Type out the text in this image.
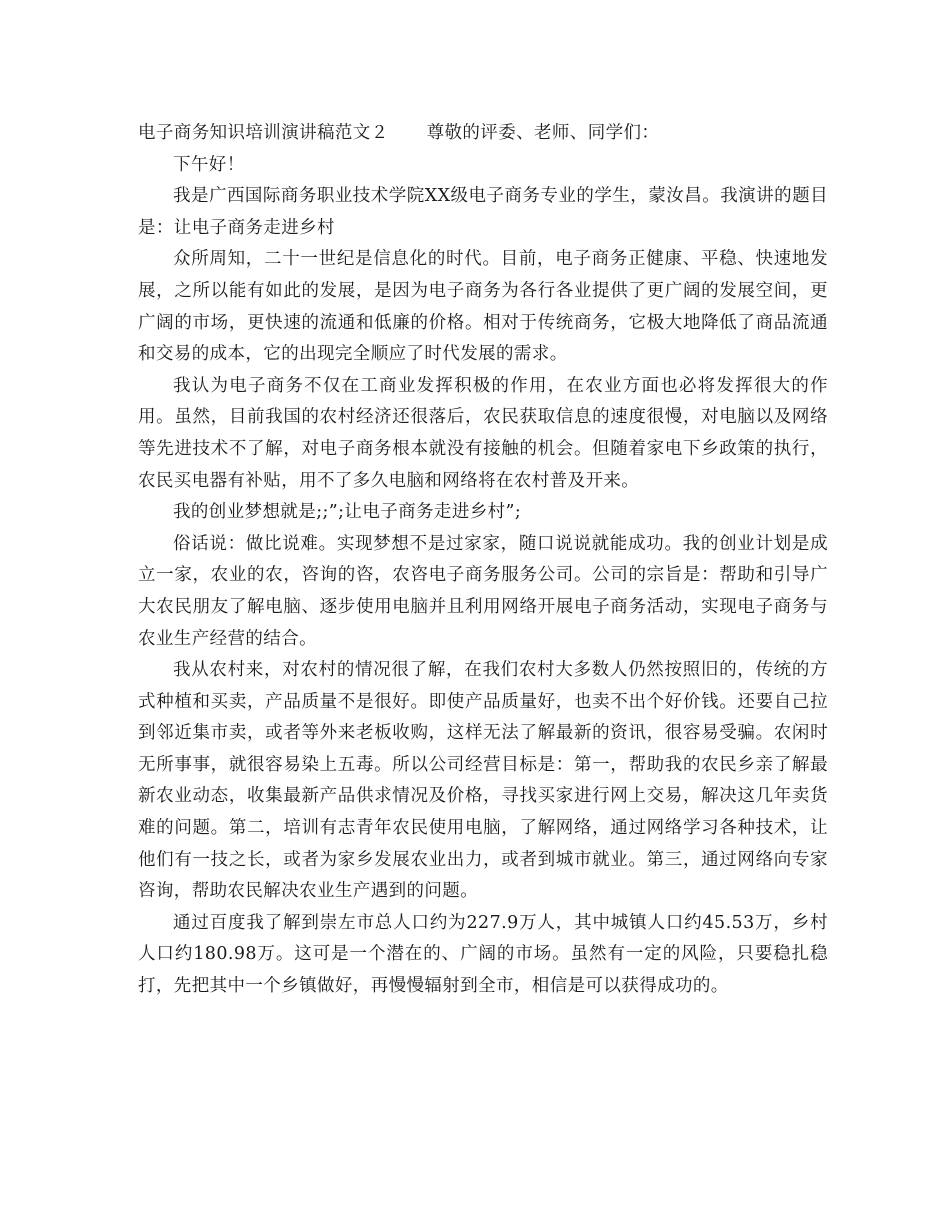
电子商务知识培训演讲稿范文２ 尊敬的评委、老师、同学们：

下午好！

我是广西国际商务职业技术学院XX级电子商务专业的学生，蒙汝昌。我演讲的题目是：让电子商务走进乡村

众所周知，二十一世纪是信息化的时代。目前，电子商务正健康、平稳、快速地发展，之所以能有如此的发展，是因为电子商务为各行各业提供了更广阔的发展空间，更广阔的市场，更快速的流通和低廉的价格。相对于传统商务，它极大地降低了商品流通和交易的成本，它的出现完全顺应了时代发展的需求。

我认为电子商务不仅在工商业发挥积极的作用，在农业方面也必将发挥很大的作用。虽然，目前我国的农村经济还很落后，农民获取信息的速度很慢，对电脑以及网络等先进技术不了解，对电子商务根本就没有接触的机会。但随着家电下乡政策的执行，农民买电器有补贴，用不了多久电脑和网络将在农村普及开来。

我的创业梦想就是;;”;让电子商务走进乡村”;

俗话说：做比说难。实现梦想不是过家家，随口说说就能成功。我的创业计划是成立一家，农业的农，咨询的咨，农咨电子商务服务公司。公司的宗旨是：帮助和引导广大农民朋友了解电脑、逐步使用电脑并且利用网络开展电子商务活动，实现电子商务与农业生产经营的结合。

我从农村来，对农村的情况很了解，在我们农村大多数人仍然按照旧的，传统的方式种植和买卖，产品质量不是很好。即使产品质量好，也卖不出个好价钱。还要自己拉到邻近集市卖，或者等外来老板收购，这样无法了解最新的资讯，很容易受骗。农闲时无所事事，就很容易染上五毒。所以公司经营目标是：第一，帮助我的农民乡亲了解最新农业动态，收集最新产品供求情况及价格，寻找买家进行网上交易，解决这几年卖货难的问题。第二，培训有志青年农民使用电脑，了解网络，通过网络学习各种技术，让他们有一技之长，或者为家乡发展农业出力，或者到城市就业。第三，通过网络向专家咨询，帮助农民解决农业生产遇到的问题。

通过百度我了解到崇左市总人口约为227.9万人，其中城镇人口约45.53万，乡村人口约180.98万。这可是一个潜在的、广阔的市场。虽然有一定的风险，只要稳扎稳打，先把其中一个乡镇做好，再慢慢辐射到全市，相信是可以获得成功的。
